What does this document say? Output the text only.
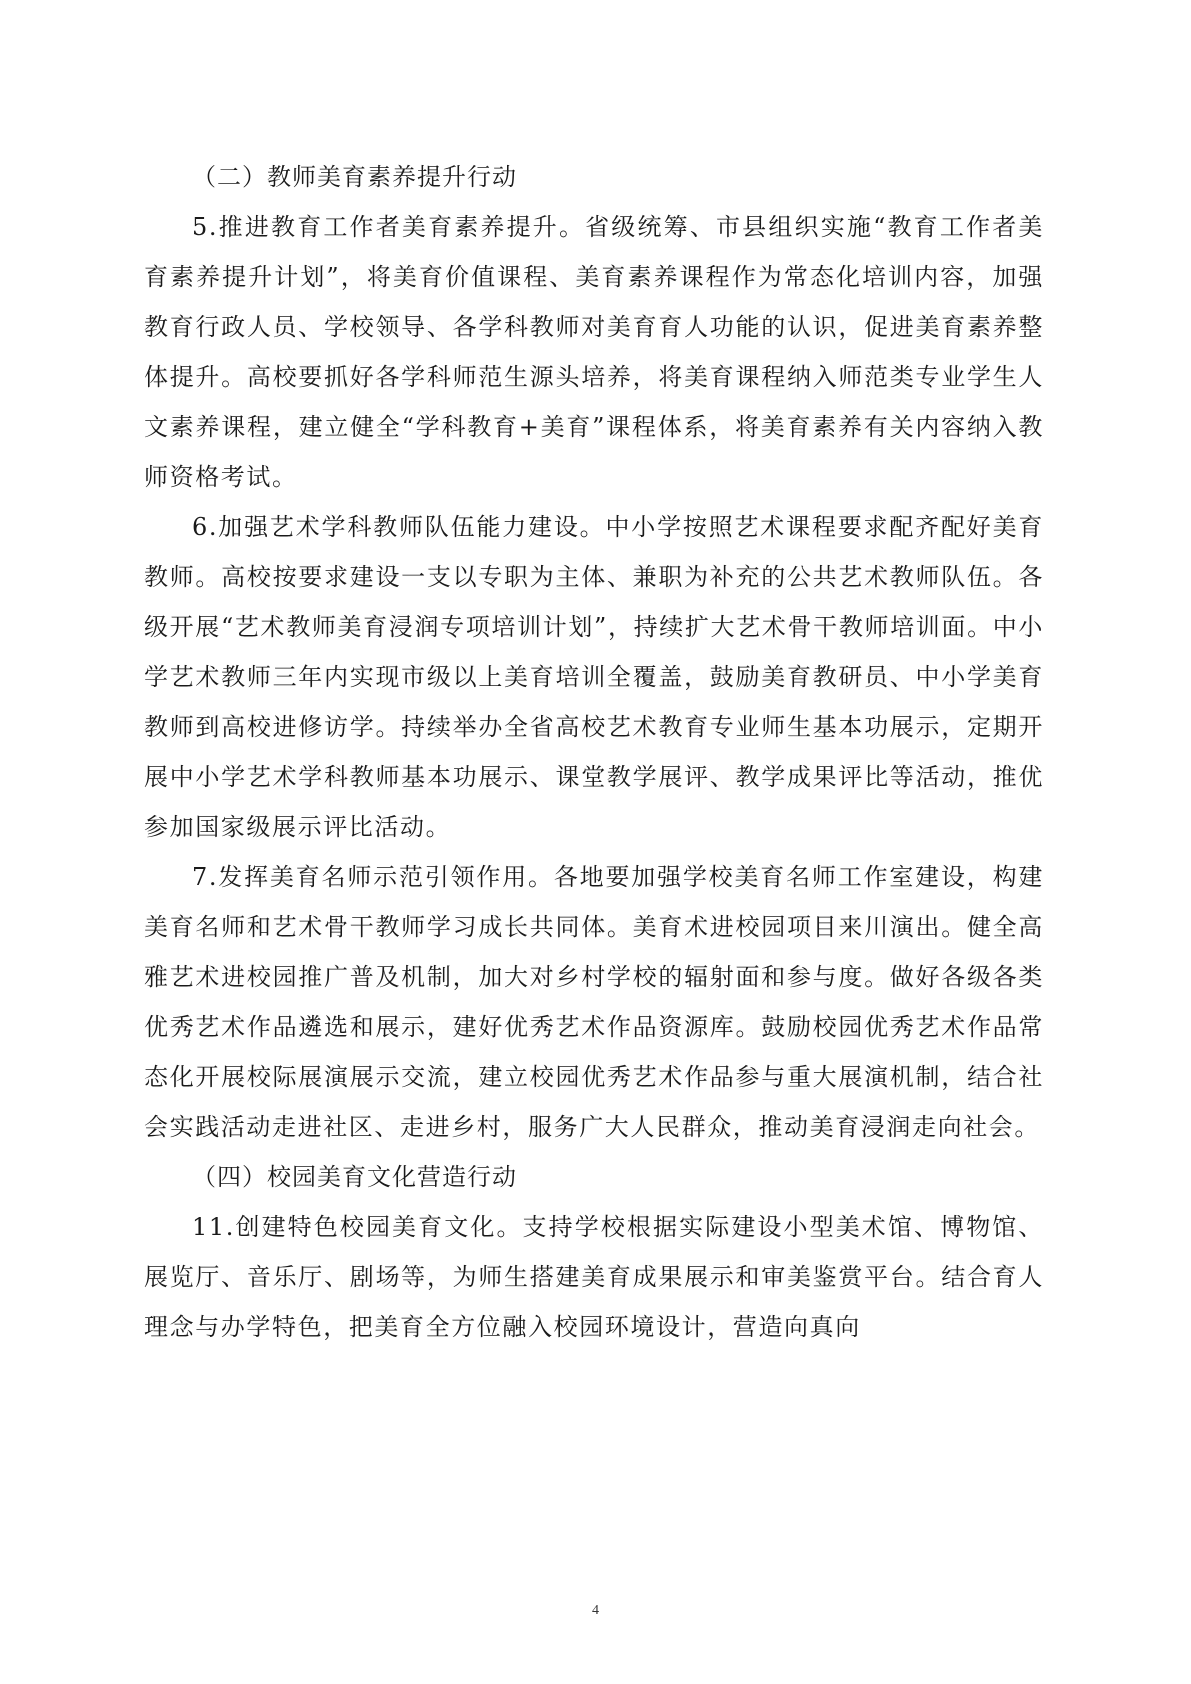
（二）教师美育素养提升行动

5.推进教育工作者美育素养提升。省级统筹、市县组织实施“教育工作者美育素养提升计划”，将美育价值课程、美育素养课程作为常态化培训内容，加强教育行政人员、学校领导、各学科教师对美育育人功能的认识，促进美育素养整体提升。高校要抓好各学科师范生源头培养，将美育课程纳入师范类专业学生人文素养课程，建立健全“学科教育+美育”课程体系，将美育素养有关内容纳入教师资格考试。

6.加强艺术学科教师队伍能力建设。中小学按照艺术课程要求配齐配好美育教师。高校按要求建设一支以专职为主体、兼职为补充的公共艺术教师队伍。各级开展“艺术教师美育浸润专项培训计划”，持续扩大艺术骨干教师培训面。中小学艺术教师三年内实现市级以上美育培训全覆盖，鼓励美育教研员、中小学美育教师到高校进修访学。持续举办全省高校艺术教育专业师生基本功展示，定期开展中小学艺术学科教师基本功展示、课堂教学展评、教学成果评比等活动，推优参加国家级展示评比活动。

7.发挥美育名师示范引领作用。各地要加强学校美育名师工作室建设，构建美育名师和艺术骨干教师学习成长共同体。美育术进校园项目来川演出。健全高雅艺术进校园推广普及机制，加大对乡村学校的辐射面和参与度。做好各级各类优秀艺术作品遴选和展示，建好优秀艺术作品资源库。鼓励校园优秀艺术作品常态化开展校际展演展示交流，建立校园优秀艺术作品参与重大展演机制，结合社会实践活动走进社区、走进乡村，服务广大人民群众，推动美育浸润走向社会。

（四）校园美育文化营造行动

11.创建特色校园美育文化。支持学校根据实际建设小型美术馆、博物馆、展览厅、音乐厅、剧场等，为师生搭建美育成果展示和审美鉴赏平台。结合育人理念与办学特色，把美育全方位融入校园环境设计，营造向真向

4
